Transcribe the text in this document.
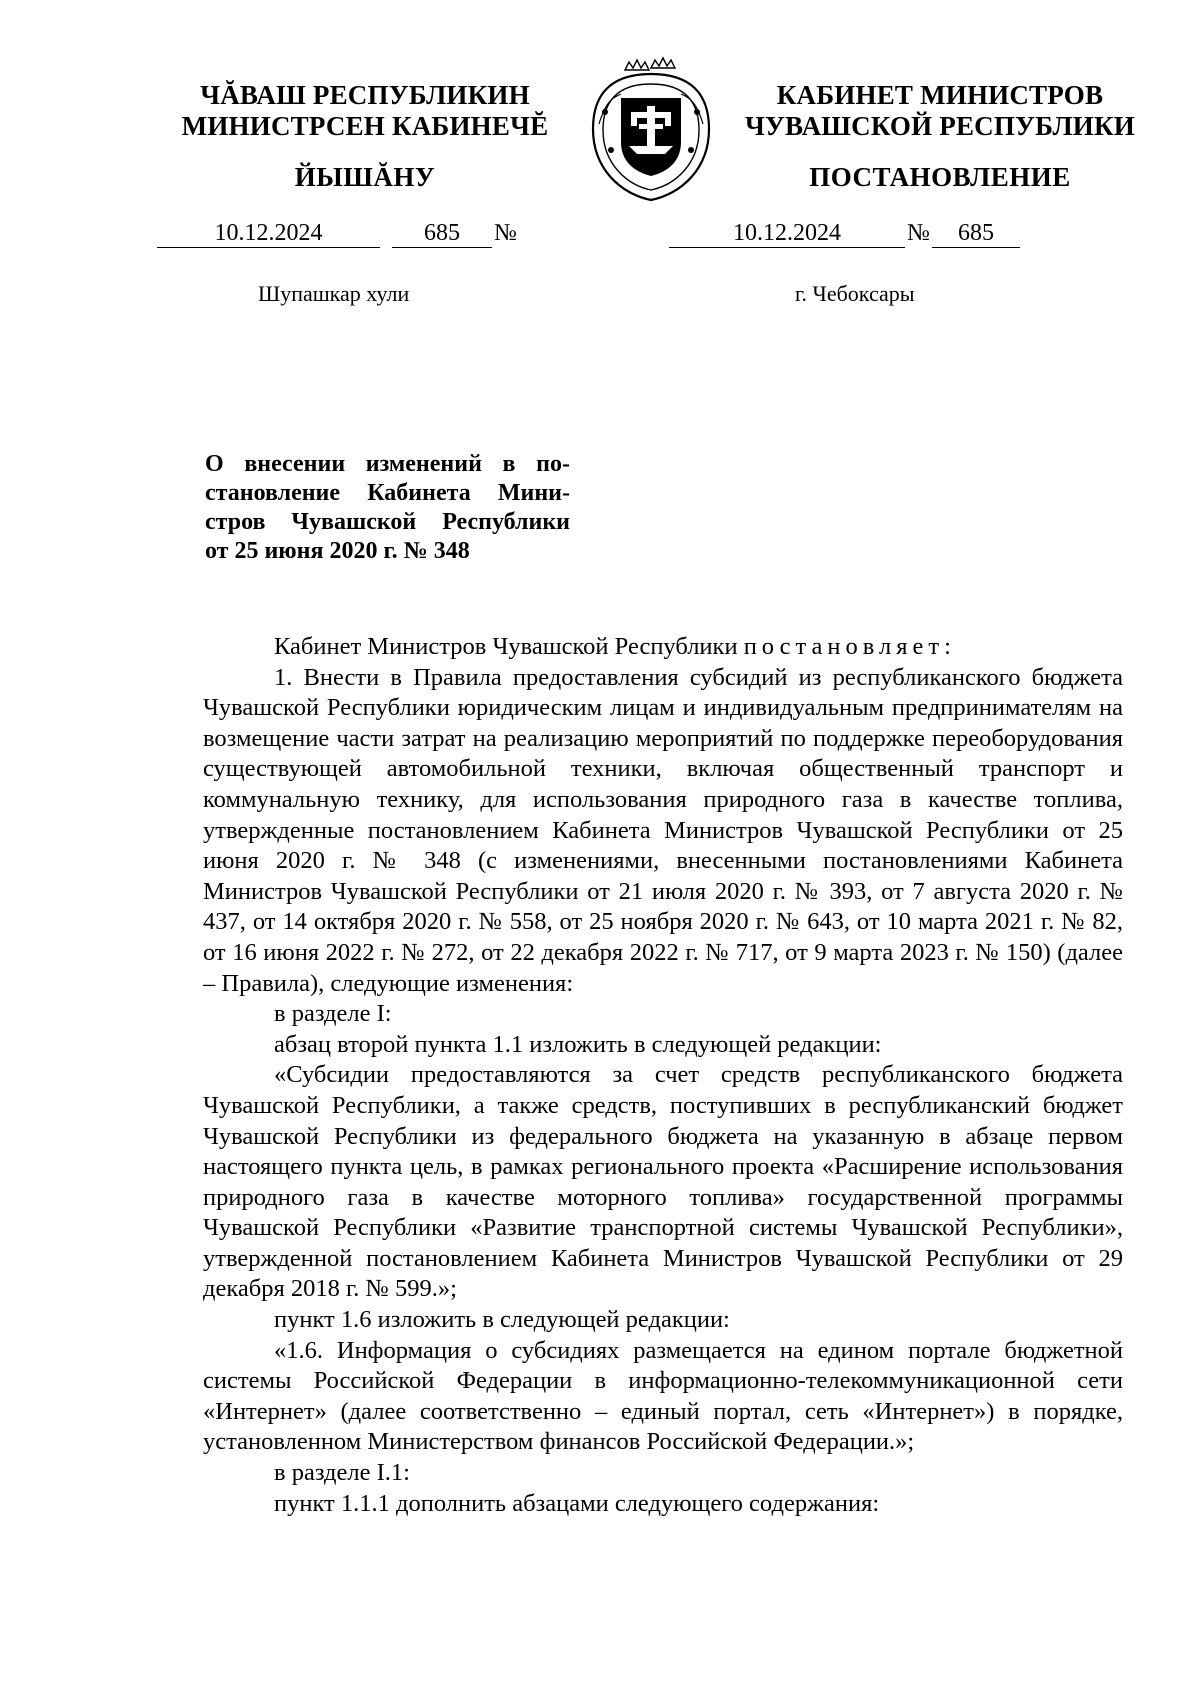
ЧĂВАШ РЕСПУБЛИКИН
МИНИСТРСЕН КАБИНЕЧĔ
ЙЫШĂНУ
КАБИНЕТ МИНИСТРОВ
ЧУВАШСКОЙ РЕСПУБЛИКИ
ПОСТАНОВЛЕНИЕ
10.12.2024	685	№	10.12.2024	№	685
Шупашкар хули	г. Чебоксары
О внесении изменений в по-
становление Кабинета Мини-
стров Чувашской Республики
от 25 июня 2020 г. № 348

Кабинет Министров Чувашской Республики постановляет:

1. Внести в Правила предоставления субсидий из республиканского бюджета Чувашской Республики юридическим лицам и индивидуальным предпринимателям на возмещение части затрат на реализацию мероприятий по поддержке переоборудования существующей автомобильной техники, включая общественный транспорт и коммунальную технику, для использования природного газа в качестве топлива, утвержденные постановлением Кабинета Министров Чувашской Республики от 25 июня 2020 г. № 348 (с изменениями, внесенными постановлениями Кабинета Министров Чувашской Республики от 21 июля 2020 г. № 393, от 7 августа 2020 г. № 437, от 14 октября 2020 г. № 558, от 25 ноября 2020 г. № 643, от 10 марта 2021 г. № 82, от 16 июня 2022 г. № 272, от 22 декабря 2022 г. № 717, от 9 марта 2023 г. № 150) (далее – Правила), следующие изменения:

в разделе I:

абзац второй пункта 1.1 изложить в следующей редакции:

«Субсидии предоставляются за счет средств республиканского бюджета Чувашской Республики, а также средств, поступивших в республиканский бюджет Чувашской Республики из федерального бюджета на указанную в абзаце первом настоящего пункта цель, в рамках регионального проекта «Расширение использования природного газа в качестве моторного топлива» государственной программы Чувашской Республики «Развитие транспортной системы Чувашской Республики», утвержденной постановлением Кабинета Министров Чувашской Республики от 29 декабря 2018 г. № 599.»;

пункт 1.6 изложить в следующей редакции:

«1.6. Информация о субсидиях размещается на едином портале бюджетной системы Российской Федерации в информационно-телекоммуникационной сети «Интернет» (далее соответственно – единый портал, сеть «Интернет») в порядке, установленном Министерством финансов Российской Федерации.»;

в разделе I.1:

пункт 1.1.1 дополнить абзацами следующего содержания:
